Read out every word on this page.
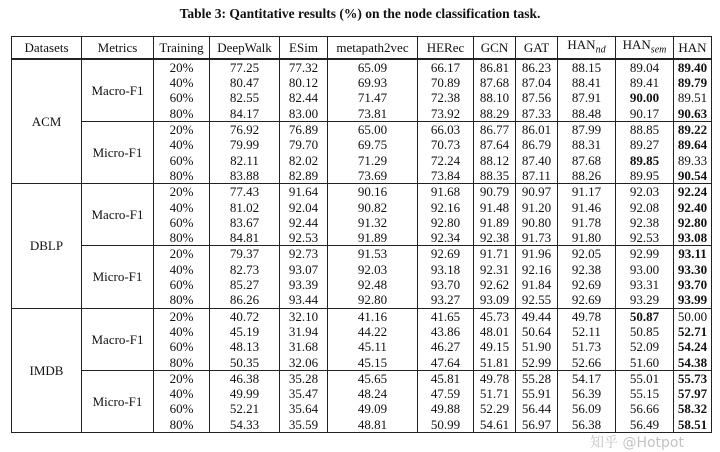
Table 3: Qantitative results (%) on the node classification task.
Datasets	Metrics	Training	DeepWalk	ESim	metapath2vec	HERec	GCN	GAT	$HAN_{nd}$	$HAN_{sem}$	HAN
ACM	Macro-F1	20%	77.25	77.32	65.09	66.17	86.81	86.23	88.15	89.04	89.40
		40%	80.47	80.12	69.93	70.89	87.68	87.04	88.41	89.41	89.79
		60%	82.55	82.44	71.47	72.38	88.10	87.56	87.91	90.00	89.51
		80%	84.17	83.00	73.81	73.92	88.29	87.33	88.48	90.17	90.63
	Micro-F1	20%	76.92	76.89	65.00	66.03	86.77	86.01	87.99	88.85	89.22
		40%	79.99	79.70	69.75	70.73	87.64	86.79	88.31	89.27	89.64
		60%	82.11	82.02	71.29	72.24	88.12	87.40	87.68	89.85	89.33
		80%	83.88	82.89	73.69	73.84	88.35	87.11	88.26	89.95	90.54
DBLP	Macro-F1	20%	77.43	91.64	90.16	91.68	90.79	90.97	91.17	92.03	92.24
		40%	81.02	92.04	90.82	92.16	91.48	91.20	91.46	92.08	92.40
		60%	83.67	92.44	91.32	92.80	91.89	90.80	91.78	92.38	92.80
		80%	84.81	92.53	91.89	92.34	92.38	91.73	91.80	92.53	93.08
	Micro-F1	20%	79.37	92.73	91.53	92.69	91.71	91.96	92.05	92.99	93.11
		40%	82.73	93.07	92.03	93.18	92.31	92.16	92.38	93.00	93.30
		60%	85.27	93.39	92.48	93.70	92.62	91.84	92.69	93.31	93.70
		80%	86.26	93.44	92.80	93.27	93.09	92.55	92.69	93.29	93.99
IMDB	Macro-F1	20%	40.72	32.10	41.16	41.65	45.73	49.44	49.78	50.87	50.00
		40%	45.19	31.94	44.22	43.86	48.01	50.64	52.11	50.85	52.71
		60%	48.13	31.68	45.11	46.27	49.15	51.90	51.73	52.09	54.24
		80%	50.35	32.06	45.15	47.64	51.81	52.99	52.66	51.60	54.38
	Micro-F1	20%	46.38	35.28	45.65	45.81	49.78	55.28	54.17	55.01	55.73
		40%	49.99	35.47	48.24	47.59	51.71	55.91	56.39	55.15	57.97
		60%	52.21	35.64	49.09	49.88	52.29	56.44	56.09	56.66	58.32
		80%	54.33	35.59	48.81	50.99	54.61	56.97	56.38	56.49	58.51
知乎 @Hotpot
